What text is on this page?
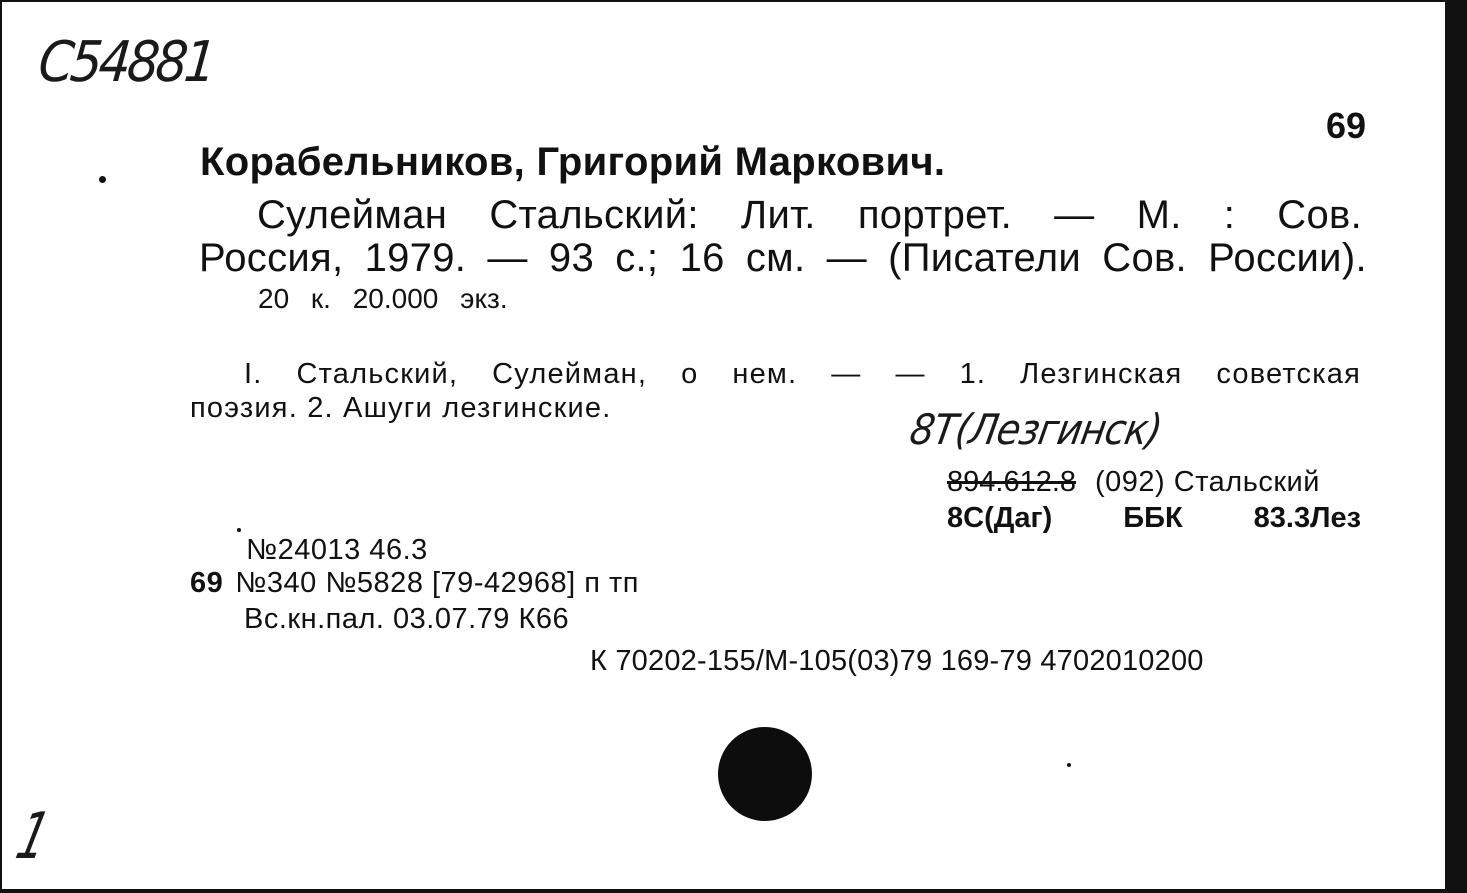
С54881
69
Корабельников, Григорий Маркович.
Сулейман Стальский: Лит. портрет. — М. : Сов.
Россия, 1979. — 93 с.; 16 см. — (Писатели Сов. России).
20 к. 20.000 экз.
I. Стальский, Сулейман, о нем. — — 1. Лезгинская советская
поэзия. 2. Ашуги лезгинские.	8Т(Лезгинск)
894.612.8 (092) Стальский
8С(Даг) ББК 83.3Лез
№24013 46.3
69 №340 №5828 [79-42968] п тп
Вс.кн.пал. 03.07.79 К66
К 70202-155/М-105(03)79 169-79 4702010200
1
